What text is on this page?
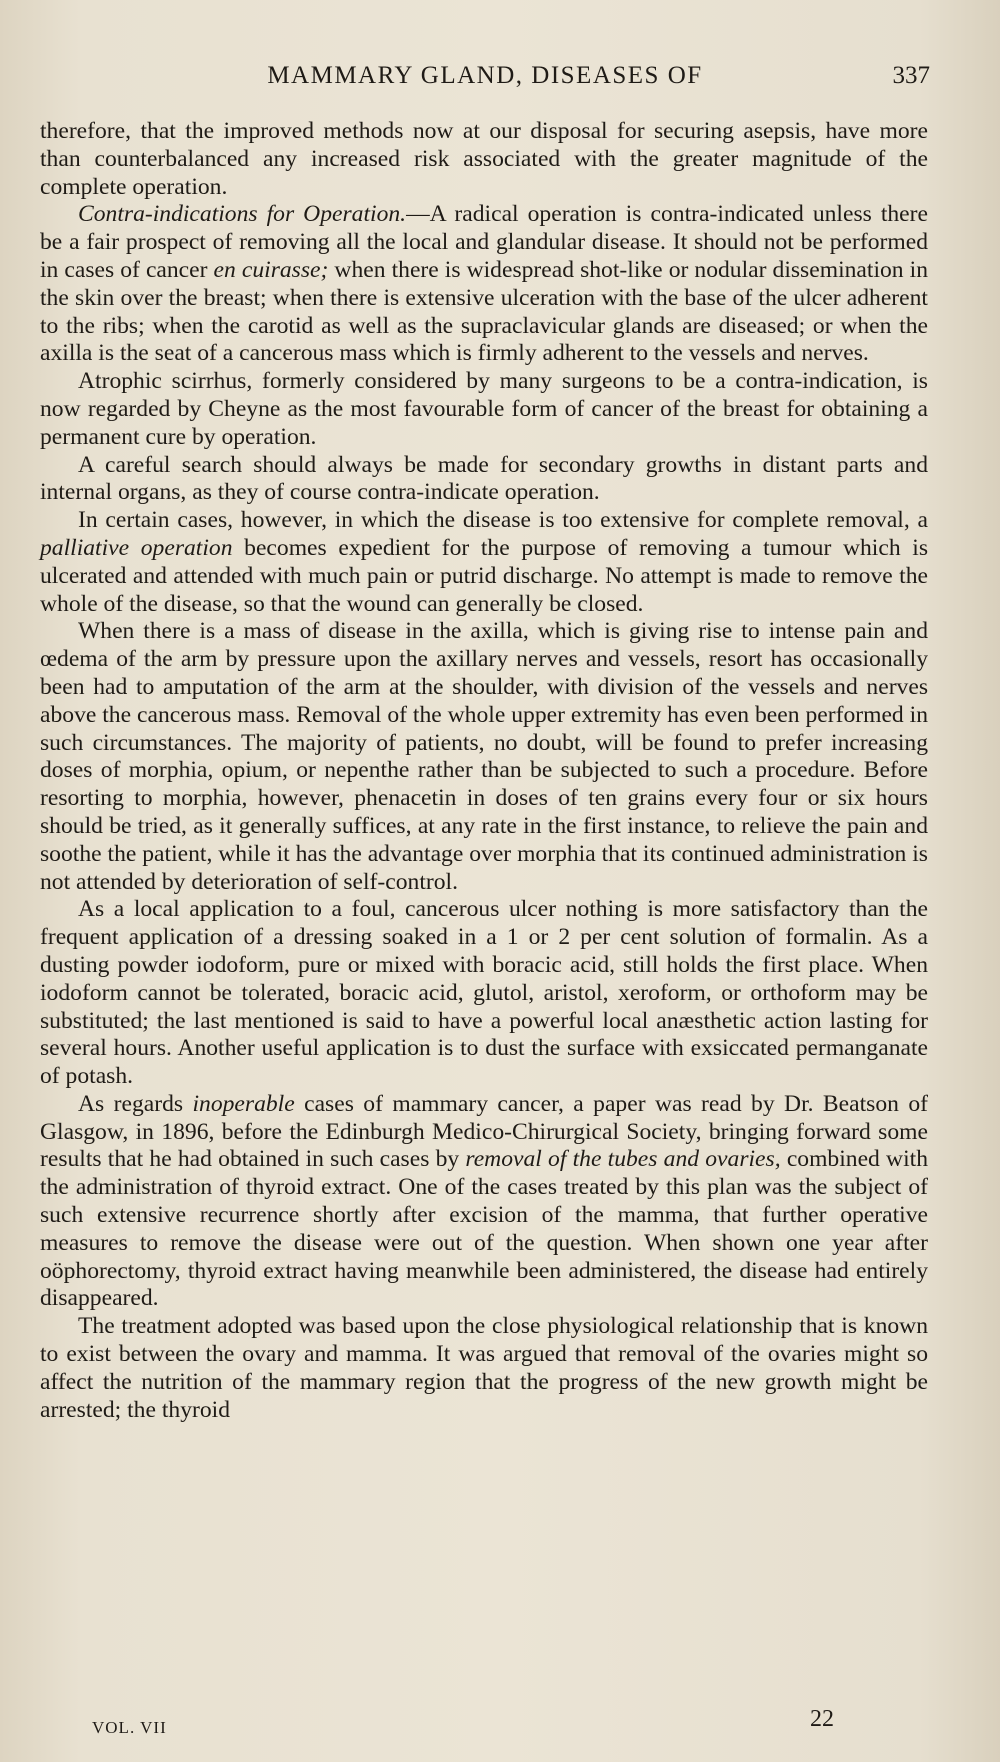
MAMMARY GLAND, DISEASES OF	337

therefore, that the improved methods now at our disposal for securing asepsis, have more than counterbalanced any increased risk associated with the greater magnitude of the complete operation.

Contra-indications for Operation.—A radical operation is contra-indicated unless there be a fair prospect of removing all the local and glandular disease. It should not be performed in cases of cancer en cuirasse; when there is widespread shot-like or nodular dissemination in the skin over the breast; when there is extensive ulceration with the base of the ulcer adherent to the ribs; when the carotid as well as the supraclavicular glands are diseased; or when the axilla is the seat of a cancerous mass which is firmly adherent to the vessels and nerves.

Atrophic scirrhus, formerly considered by many surgeons to be a contra-indication, is now regarded by Cheyne as the most favourable form of cancer of the breast for obtaining a permanent cure by operation.

A careful search should always be made for secondary growths in distant parts and internal organs, as they of course contra-indicate operation.

In certain cases, however, in which the disease is too extensive for complete removal, a palliative operation becomes expedient for the purpose of removing a tumour which is ulcerated and attended with much pain or putrid discharge. No attempt is made to remove the whole of the disease, so that the wound can generally be closed.

When there is a mass of disease in the axilla, which is giving rise to intense pain and œdema of the arm by pressure upon the axillary nerves and vessels, resort has occasionally been had to amputation of the arm at the shoulder, with division of the vessels and nerves above the cancerous mass. Removal of the whole upper extremity has even been performed in such circumstances. The majority of patients, no doubt, will be found to prefer increasing doses of morphia, opium, or nepenthe rather than be subjected to such a procedure. Before resorting to morphia, however, phenacetin in doses of ten grains every four or six hours should be tried, as it generally suffices, at any rate in the first instance, to relieve the pain and soothe the patient, while it has the advantage over morphia that its continued administration is not attended by deterioration of self-control.

As a local application to a foul, cancerous ulcer nothing is more satisfactory than the frequent application of a dressing soaked in a 1 or 2 per cent solution of formalin. As a dusting powder iodoform, pure or mixed with boracic acid, still holds the first place. When iodoform cannot be tolerated, boracic acid, glutol, aristol, xeroform, or orthoform may be substituted; the last mentioned is said to have a powerful local anæsthetic action lasting for several hours. Another useful application is to dust the surface with exsiccated permanganate of potash.

As regards inoperable cases of mammary cancer, a paper was read by Dr. Beatson of Glasgow, in 1896, before the Edinburgh Medico-Chirurgical Society, bringing forward some results that he had obtained in such cases by removal of the tubes and ovaries, combined with the administration of thyroid extract. One of the cases treated by this plan was the subject of such extensive recurrence shortly after excision of the mamma, that further operative measures to remove the disease were out of the question. When shown one year after oöphorectomy, thyroid extract having meanwhile been administered, the disease had entirely disappeared.

The treatment adopted was based upon the close physiological relationship that is known to exist between the ovary and mamma. It was argued that removal of the ovaries might so affect the nutrition of the mammary region that the progress of the new growth might be arrested; the thyroid

VOL. VII	22
